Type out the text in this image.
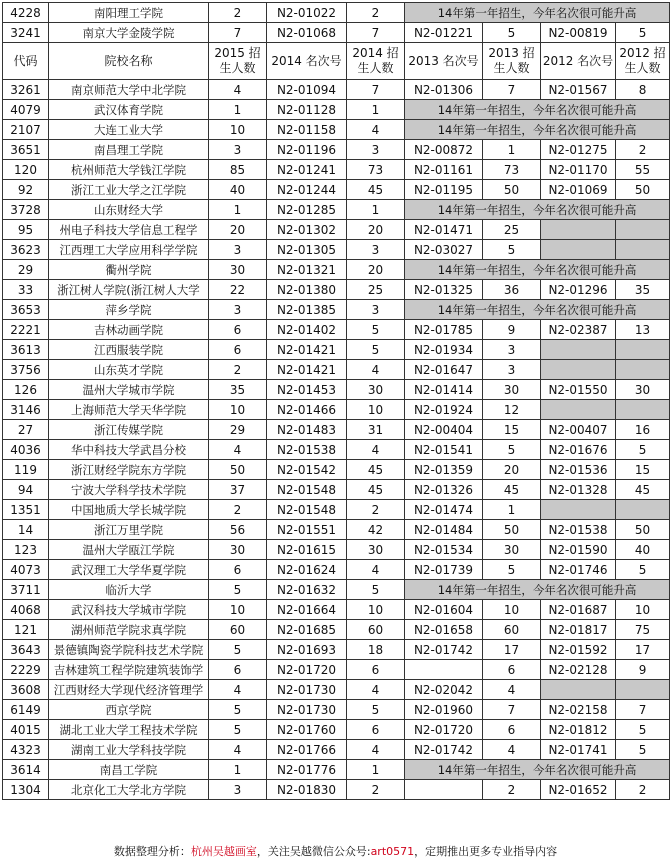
4228	南阳理工学院	2	N2-01022	2	14年第一年招生，今年名次很可能升高			
3241	南京大学金陵学院	7	N2-01068	7	N2-01221	5	N2-00819	5
代码	院校名称	2015 招生人数	2014 名次号	2014 招生人数	2013 名次号	2013 招生人数	2012 名次号	2012 招生人数
3261	南京师范大学中北学院	4	N2-01094	7	N2-01306	7	N2-01567	8
4079	武汉体育学院	1	N2-01128	1	14年第一年招生，今年名次很可能升高			
2107	大连工业大学	10	N2-01158	4	14年第一年招生，今年名次很可能升高			
3651	南昌理工学院	3	N2-01196	3	N2-00872	1	N2-01275	2
120	杭州师范大学钱江学院	85	N2-01241	73	N2-01161	73	N2-01170	55
92	浙江工业大学之江学院	40	N2-01244	45	N2-01195	50	N2-01069	50
3728	山东财经大学	1	N2-01285	1	14年第一年招生，今年名次很可能升高			
95	州电子科技大学信息工程学	20	N2-01302	20	N2-01471	25		
3623	江西理工大学应用科学学院	3	N2-01305	3	N2-03027	5		
29	衢州学院	30	N2-01321	20	14年第一年招生，今年名次很可能升高			
33	浙江树人学院(浙江树人大学	22	N2-01380	25	N2-01325	36	N2-01296	35
3653	萍乡学院	3	N2-01385	3	14年第一年招生，今年名次很可能升高			
2221	吉林动画学院	6	N2-01402	5	N2-01785	9	N2-02387	13
3613	江西服装学院	6	N2-01421	5	N2-01934	3		
3756	山东英才学院	2	N2-01421	4	N2-01647	3		
126	温州大学城市学院	35	N2-01453	30	N2-01414	30	N2-01550	30
3146	上海师范大学天华学院	10	N2-01466	10	N2-01924	12		
27	浙江传媒学院	29	N2-01483	31	N2-00404	15	N2-00407	16
4036	华中科技大学武昌分校	4	N2-01538	4	N2-01541	5	N2-01676	5
119	浙江财经学院东方学院	50	N2-01542	45	N2-01359	20	N2-01536	15
94	宁波大学科学技术学院	37	N2-01548	45	N2-01326	45	N2-01328	45
1351	中国地质大学长城学院	2	N2-01548	2	N2-01474	1		
14	浙江万里学院	56	N2-01551	42	N2-01484	50	N2-01538	50
123	温州大学瓯江学院	30	N2-01615	30	N2-01534	30	N2-01590	40
4073	武汉理工大学华夏学院	6	N2-01624	4	N2-01739	5	N2-01746	5
3711	临沂大学	5	N2-01632	5	14年第一年招生，今年名次很可能升高			
4068	武汉科技大学城市学院	10	N2-01664	10	N2-01604	10	N2-01687	10
121	湖州师范学院求真学院	60	N2-01685	60	N2-01658	60	N2-01817	75
3643	景德镇陶瓷学院科技艺术学院	5	N2-01693	18	N2-01742	17	N2-01592	17
2229	吉林建筑工程学院建筑装饰学	6	N2-01720	6		6	N2-02128	9
3608	江西财经大学现代经济管理学	4	N2-01730	4	N2-02042	4		
6149	西京学院	5	N2-01730	5	N2-01960	7	N2-02158	7
4015	湖北工业大学工程技术学院	5	N2-01760	6	N2-01720	6	N2-01812	5
4323	湖南工业大学科技学院	4	N2-01766	4	N2-01742	4	N2-01741	5
3614	南昌工学院	1	N2-01776	1	14年第一年招生，今年名次很可能升高			
1304	北京化工大学北方学院	3	N2-01830	2		2	N2-01652	2
数据整理分析：杭州吴越画室，关注吴越微信公众号:art0571，定期推出更多专业指导内容
